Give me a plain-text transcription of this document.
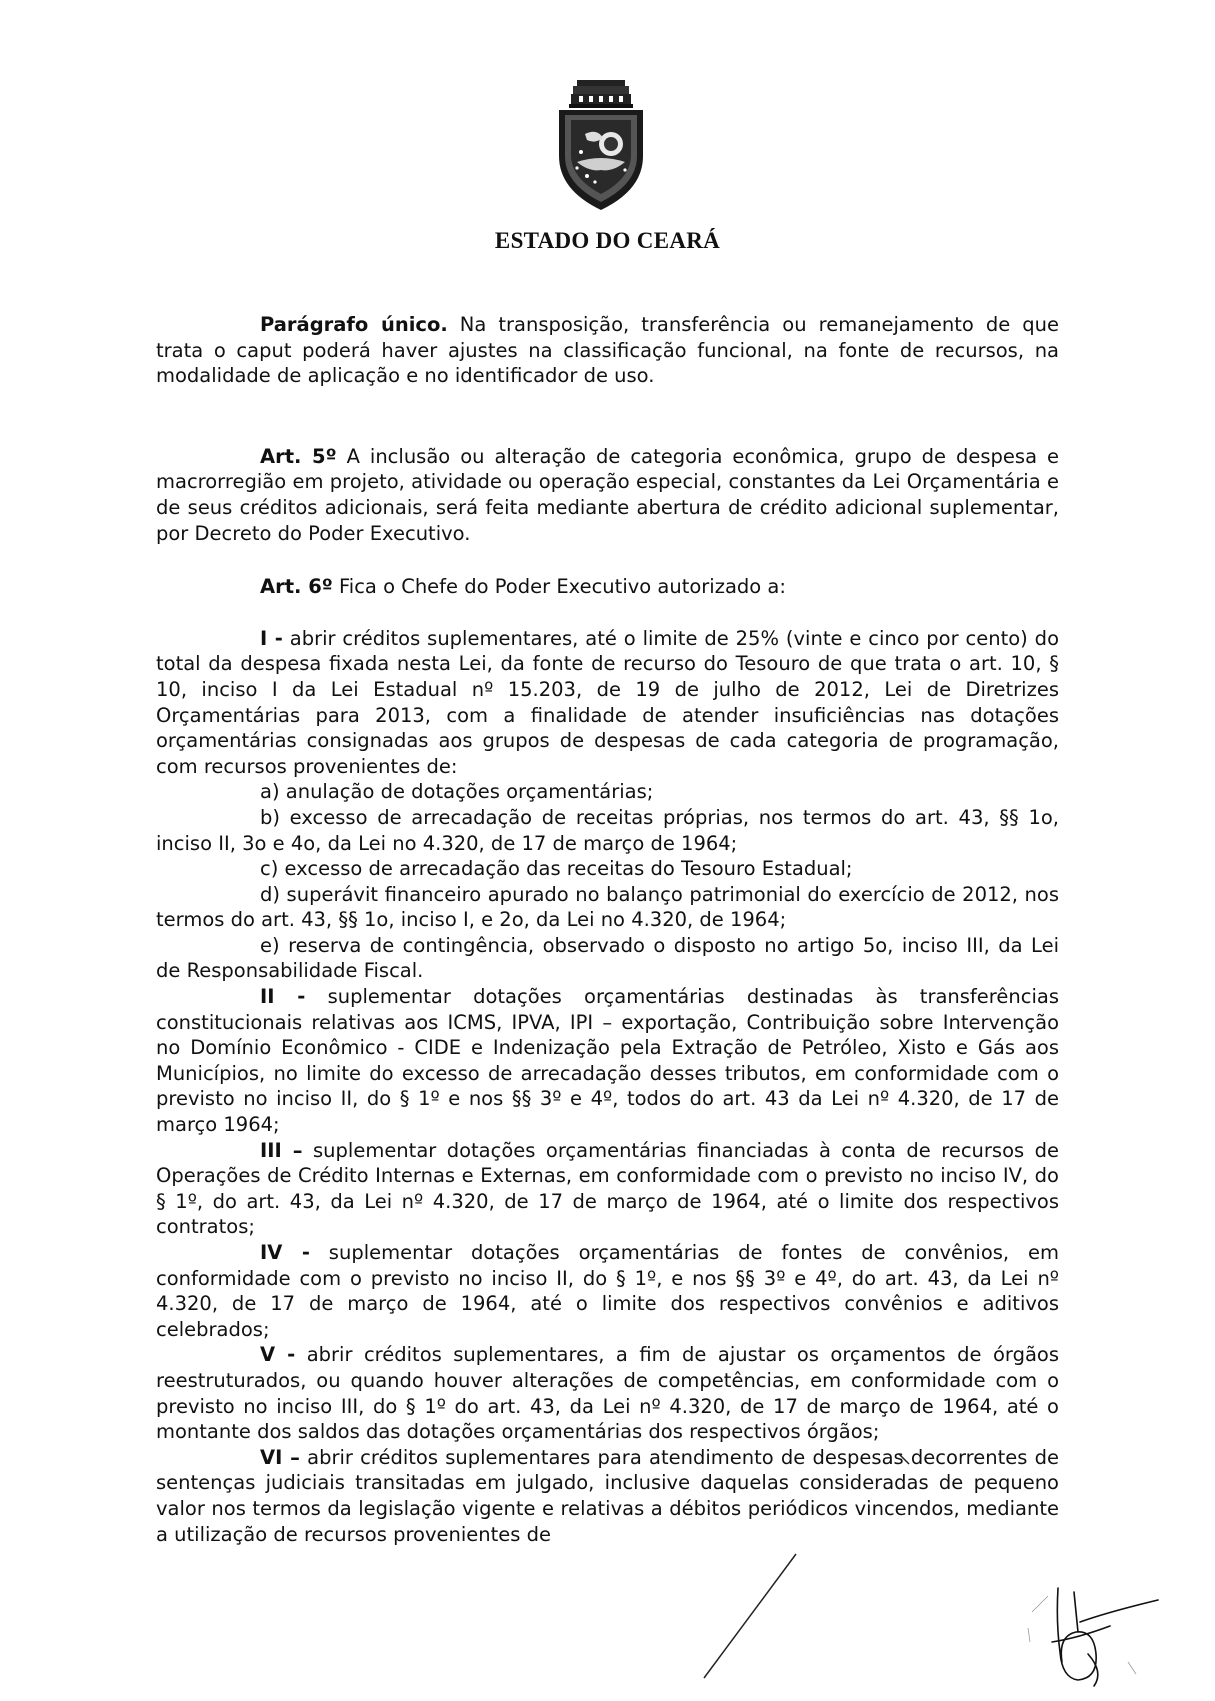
ESTADO DO CEARÁ

Parágrafo único. Na transposição, transferência ou remanejamento de que trata o caput poderá haver ajustes na classificação funcional, na fonte de recursos, na modalidade de aplicação e no identificador de uso.

Art. 5º A inclusão ou alteração de categoria econômica, grupo de despesa e macrorregião em projeto, atividade ou operação especial, constantes da Lei Orçamentária e de seus créditos adicionais, será feita mediante abertura de crédito adicional suplementar, por Decreto do Poder Executivo.

Art. 6º Fica o Chefe do Poder Executivo autorizado a:

I - abrir créditos suplementares, até o limite de 25% (vinte e cinco por cento) do total da despesa fixada nesta Lei, da fonte de recurso do Tesouro de que trata o art. 10, § 10, inciso I da Lei Estadual nº 15.203, de 19 de julho de 2012, Lei de Diretrizes Orçamentárias para 2013, com a finalidade de atender insuficiências nas dotações orçamentárias consignadas aos grupos de despesas de cada categoria de programação, com recursos provenientes de:

a) anulação de dotações orçamentárias;

b) excesso de arrecadação de receitas próprias, nos termos do art. 43, §§ 1o, inciso II, 3o e 4o, da Lei no 4.320, de 17 de março de 1964;

c) excesso de arrecadação das receitas do Tesouro Estadual;

d) superávit financeiro apurado no balanço patrimonial do exercício de 2012, nos termos do art. 43, §§ 1o, inciso I, e 2o, da Lei no 4.320, de 1964;

e) reserva de contingência, observado o disposto no artigo 5o, inciso III, da Lei de Responsabilidade Fiscal.

II - suplementar dotações orçamentárias destinadas às transferências constitucionais relativas aos ICMS, IPVA, IPI – exportação, Contribuição sobre Intervenção no Domínio Econômico - CIDE e Indenização pela Extração de Petróleo, Xisto e Gás aos Municípios, no limite do excesso de arrecadação desses tributos, em conformidade com o previsto no inciso II, do § 1º e nos §§ 3º e 4º, todos do art. 43 da Lei nº 4.320, de 17 de março 1964;

III – suplementar dotações orçamentárias financiadas à conta de recursos de Operações de Crédito Internas e Externas, em conformidade com o previsto no inciso IV, do § 1º, do art. 43, da Lei nº 4.320, de 17 de março de 1964, até o limite dos respectivos contratos;

IV - suplementar dotações orçamentárias de fontes de convênios, em conformidade com o previsto no inciso II, do § 1º, e nos §§ 3º e 4º, do art. 43, da Lei nº 4.320, de 17 de março de 1964, até o limite dos respectivos convênios e aditivos celebrados;

V - abrir créditos suplementares, a fim de ajustar os orçamentos de órgãos reestruturados, ou quando houver alterações de competências, em conformidade com o previsto no inciso III, do § 1º do art. 43, da Lei nº 4.320, de 17 de março de 1964, até o montante dos saldos das dotações orçamentárias dos respectivos órgãos;

VI – abrir créditos suplementares para atendimento de despesas decorrentes de sentenças judiciais transitadas em julgado, inclusive daquelas consideradas de pequeno valor nos termos da legislação vigente e relativas a débitos periódicos vincendos, mediante a utilização de recursos provenientes de
